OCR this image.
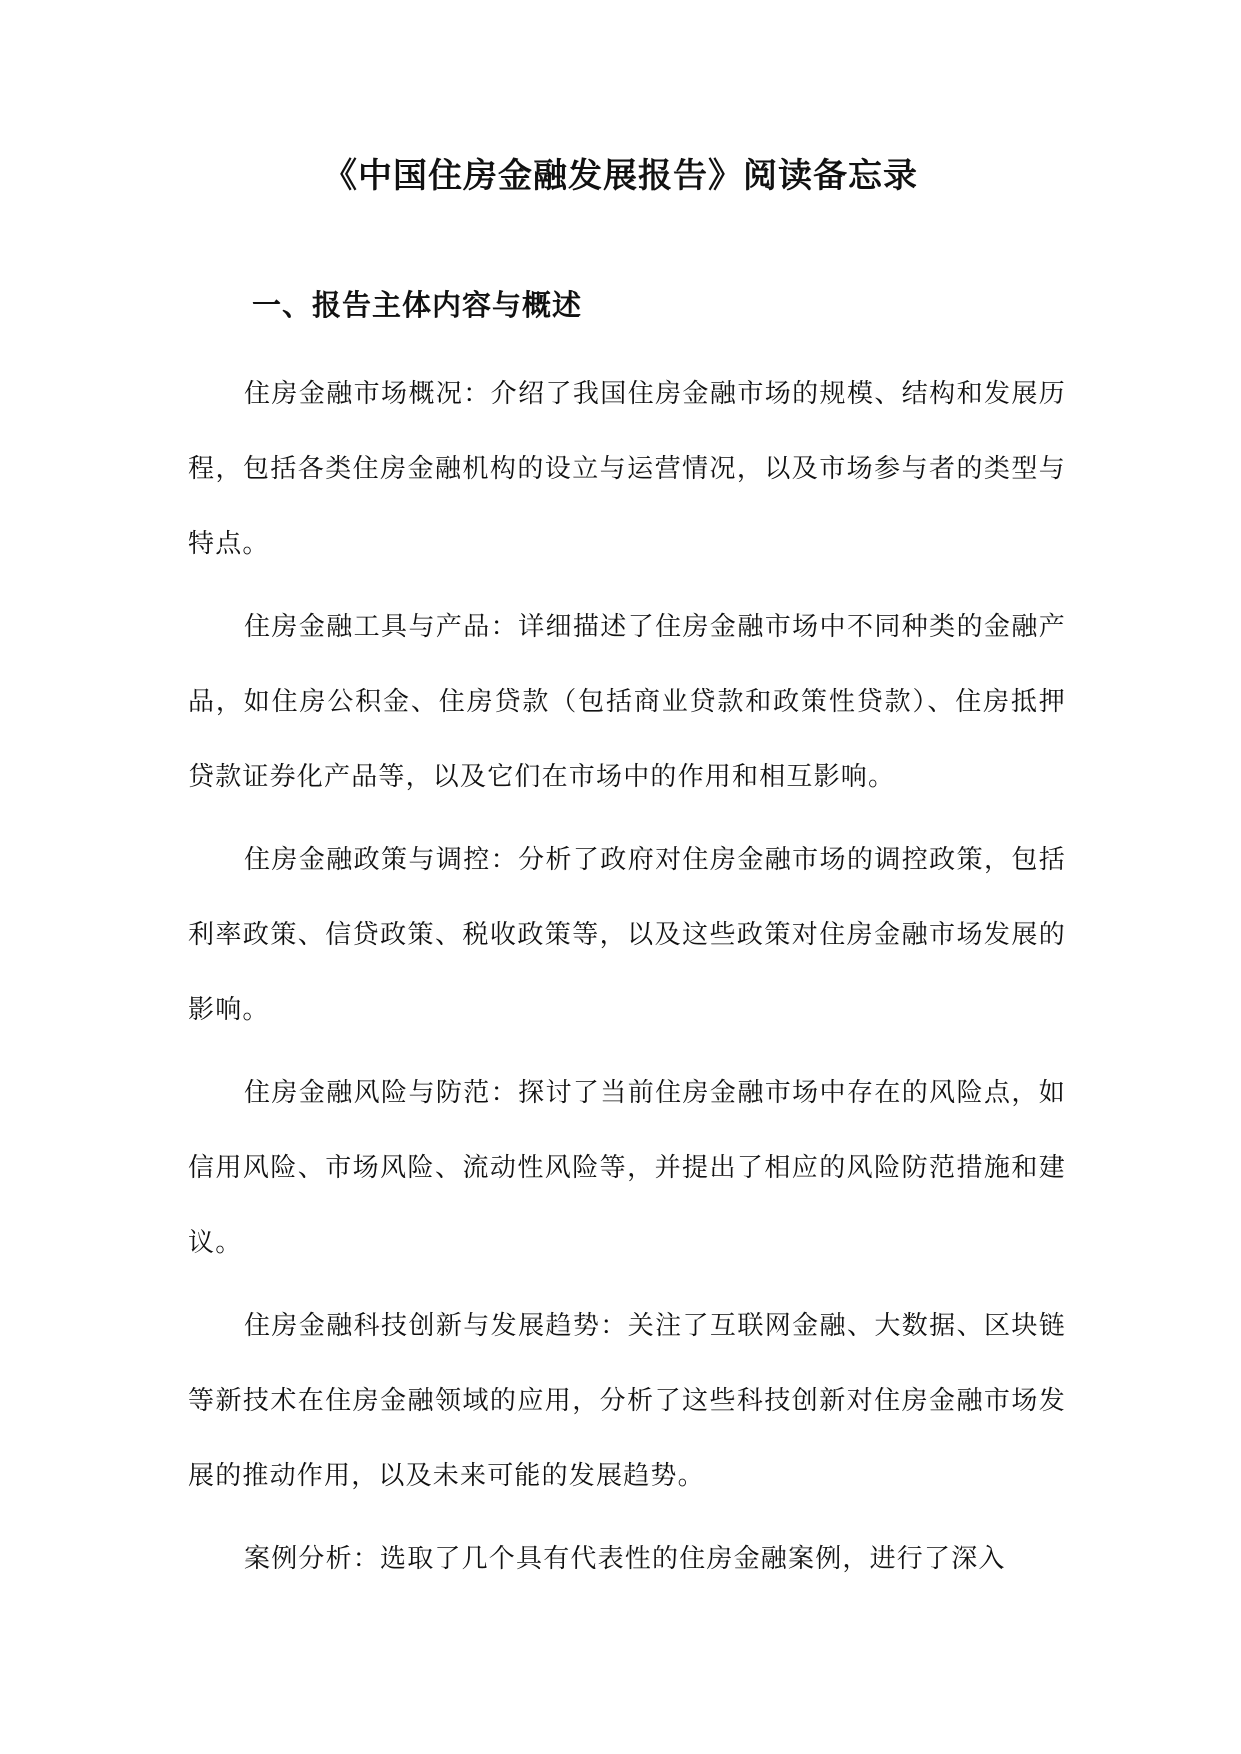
《中国住房金融发展报告》阅读备忘录
一、报告主体内容与概述

住房金融市场概况：介绍了我国住房金融市场的规模、结构和发展历程，包括各类住房金融机构的设立与运营情况，以及市场参与者的类型与特点。

住房金融工具与产品：详细描述了住房金融市场中不同种类的金融产品，如住房公积金、住房贷款（包括商业贷款和政策性贷款）、住房抵押贷款证券化产品等，以及它们在市场中的作用和相互影响。

住房金融政策与调控：分析了政府对住房金融市场的调控政策，包括利率政策、信贷政策、税收政策等，以及这些政策对住房金融市场发展的影响。

住房金融风险与防范：探讨了当前住房金融市场中存在的风险点，如信用风险、市场风险、流动性风险等，并提出了相应的风险防范措施和建议。

住房金融科技创新与发展趋势：关注了互联网金融、大数据、区块链等新技术在住房金融领域的应用，分析了这些科技创新对住房金融市场发展的推动作用，以及未来可能的发展趋势。

案例分析：选取了几个具有代表性的住房金融案例，进行了深入
